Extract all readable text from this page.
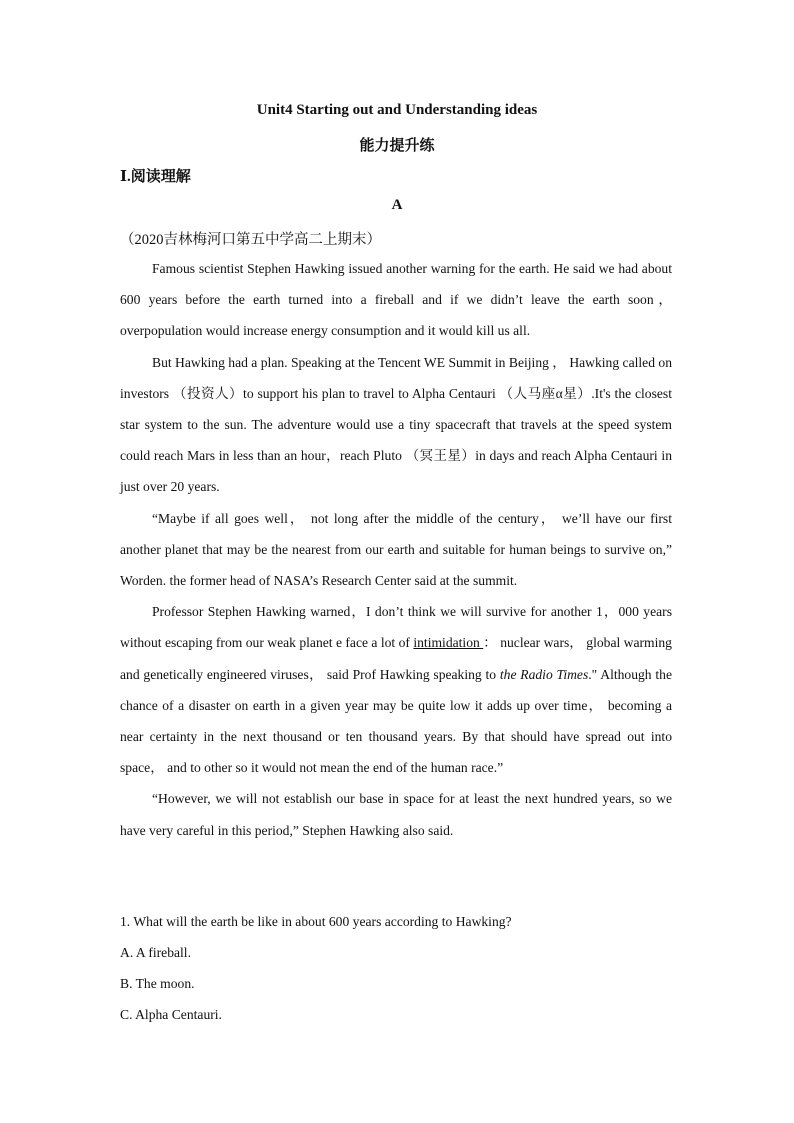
Unit4 Starting out and Understanding ideas
能力提升练
Ⅰ.阅读理解
A
（2020吉林梅河口第五中学高二上期末）

Famous scientist Stephen Hawking issued another warning for the earth. He said we had about 600 years before the earth turned into a fireball and if we didn’t leave the earth soon， overpopulation would increase energy consumption and it would kill us all.

But Hawking had a plan. Speaking at the Tencent WE Summit in Beijing ， Hawking called on investors （投资人）to support his plan to travel to Alpha Centauri （人马座α星）.It's the closest star system to the sun. The adventure would use a tiny spacecraft that travels at the speed system could reach Mars in less than an hour，reach Pluto （冥王星）in days and reach Alpha Centauri in just over 20 years.

“Maybe if all goes well， not long after the middle of the century， we’ll have our first another planet that may be the nearest from our earth and suitable for human beings to survive on,” Worden. the former head of NASA’s Research Center said at the summit.

Professor Stephen Hawking warned，I don’t think we will survive for another 1，000 years without escaping from our weak planet e face a lot of intimidation ： nuclear wars， global warming and genetically engineered viruses， said Prof Hawking speaking to the Radio Times." Although the chance of a disaster on earth in a given year may be quite low it adds up over time， becoming a near certainty in the next thousand or ten thousand years. By that should have spread out into space， and to other so it would not mean the end of the human race.”

“However, we will not establish our base in space for at least the next hundred years, so we have very careful in this period,” Stephen Hawking also said.

1. What will the earth be like in about 600 years according to Hawking?
A. A fireball.
B. The moon.
C. Alpha Centauri.
